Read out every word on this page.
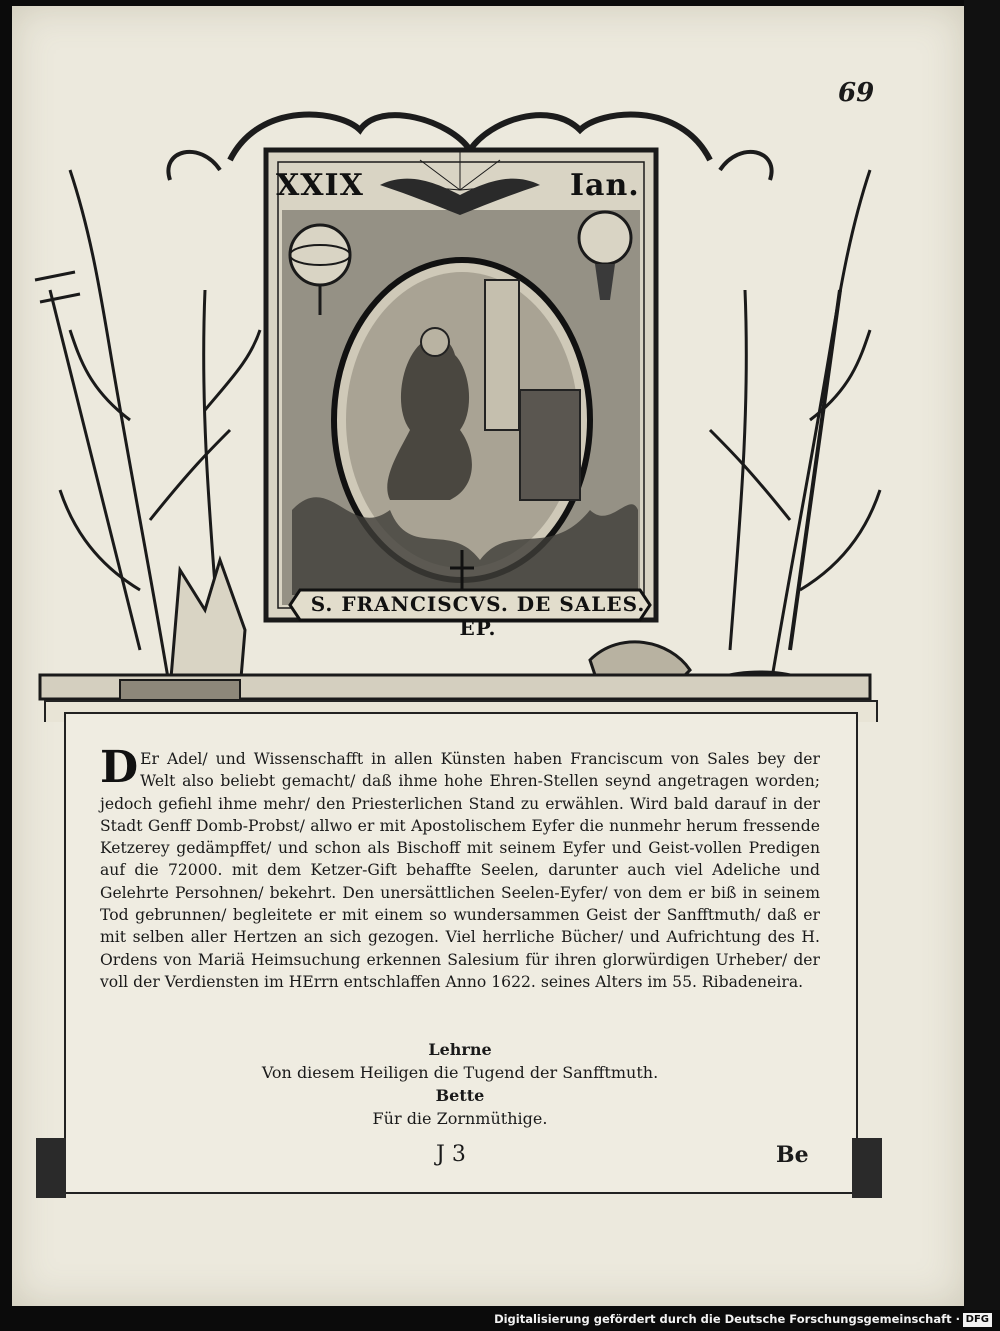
69
XXIX	Ian.
S. FRANCISCVS. DE SALES. EP.
D Er Adel/ und Wissenschafft in allen Künsten haben Franciscum von Sales bey der Welt also beliebt gemacht/ daß ihme hohe Ehren-Stellen seynd angetragen worden; jedoch gefiehl ihme mehr/ den Priesterlichen Stand zu erwählen. Wird bald darauf in der Stadt Genff Domb-Probst/ allwo er mit Apostolischem Eyfer die nunmehr herum fressende Ketzerey gedämpffet/ und schon als Bischoff mit seinem Eyfer und Geist-vollen Predigen auf die 72000. mit dem Ketzer-Gift behaffte Seelen, darunter auch viel Adeliche und Gelehrte Persohnen/ bekehrt. Den unersättlichen Seelen-Eyfer/ von dem er biß in seinem Tod gebrunnen/ begleitete er mit einem so wundersammen Geist der Sanfftmuth/ daß er mit selben aller Hertzen an sich gezogen. Viel herrliche Bücher/ und Aufrichtung des H. Ordens von Mariä Heimsuchung erkennen Salesium für ihren glorwürdigen Urheber/ der voll der Verdiensten im HErrn entschlaffen Anno 1622. seines Alters im 55. Ribadeneira.
Lehrne
Von diesem Heiligen die Tugend der Sanfftmuth.
Bette
Für die Zornmüthige.
J 3	Be
Digitalisierung gefördert durch die Deutsche Forschungsgemeinschaft · DFG
